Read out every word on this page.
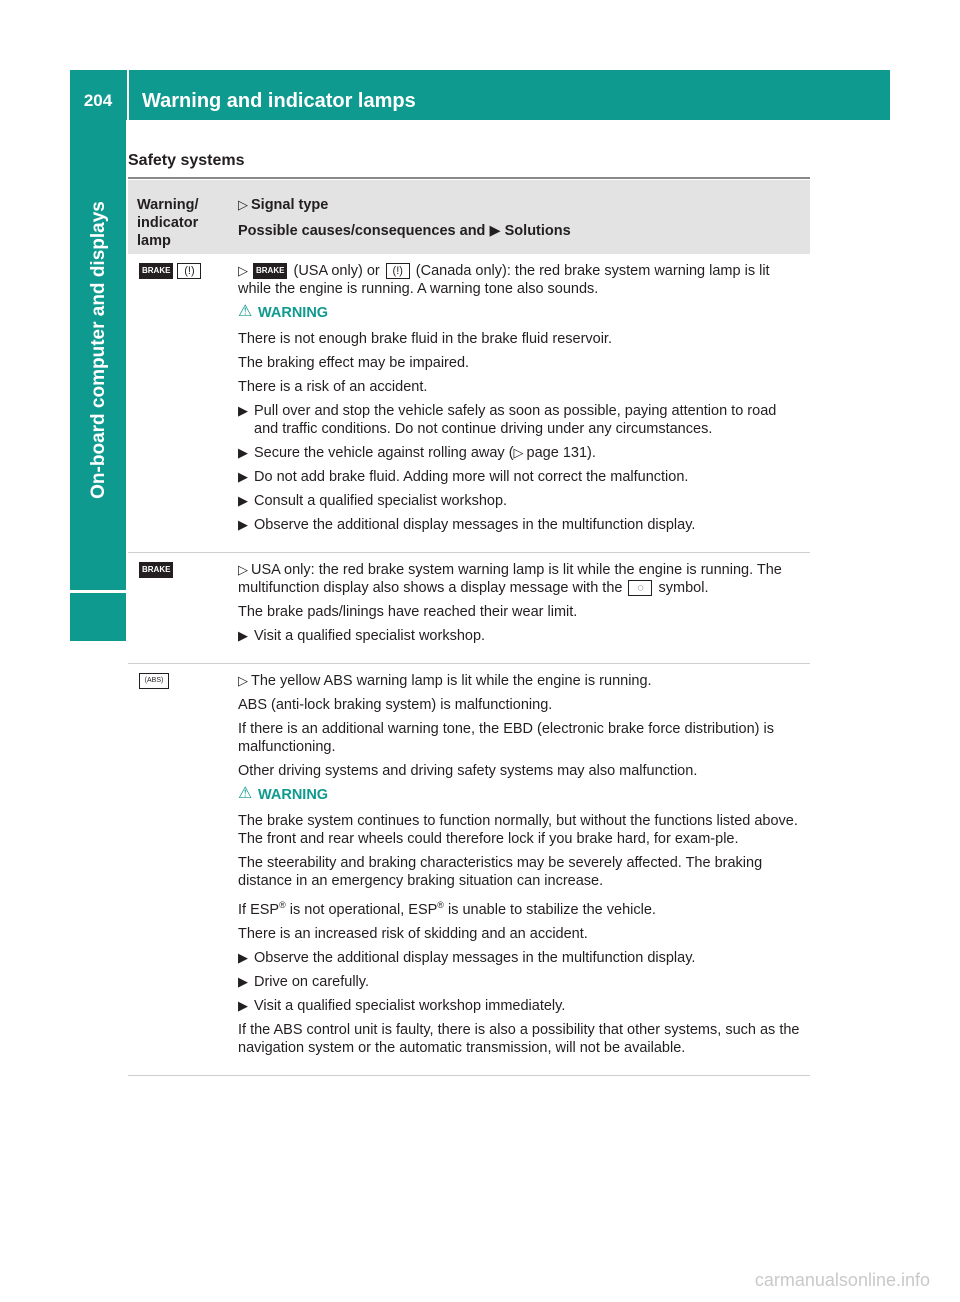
204	Warning and indicator lamps
On-board computer and displays
Safety systems
Warning/ indicator lamp
▷ Signal type
Possible causes/consequences and ▶ Solutions
BRAKE (!)	▷ BRAKE (USA only) or (!) (Canada only): the red brake system warning lamp is lit while the engine is running. A warning tone also sounds.

⚠ WARNING

There is not enough brake fluid in the brake fluid reservoir.

The braking effect may be impaired.

There is a risk of an accident.

▶ Pull over and stop the vehicle safely as soon as possible, paying attention to road and traffic conditions. Do not continue driving under any circumstances.
▶ Secure the vehicle against rolling away (▷ page 131).
▶ Do not add brake fluid. Adding more will not correct the malfunction.
▶ Consult a qualified specialist workshop.
▶ Observe the additional display messages in the multifunction display.
BRAKE	▷ USA only: the red brake system warning lamp is lit while the engine is running. The multifunction display also shows a display message with the ◌ symbol.

The brake pads/linings have reached their wear limit.

▶ Visit a qualified specialist workshop.
(ABS)	▷ The yellow ABS warning lamp is lit while the engine is running.

ABS (anti-lock braking system) is malfunctioning.

If there is an additional warning tone, the EBD (electronic brake force distribution) is malfunctioning.

Other driving systems and driving safety systems may also malfunction.

⚠ WARNING

The brake system continues to function normally, but without the functions listed above. The front and rear wheels could therefore lock if you brake hard, for exam-ple.

The steerability and braking characteristics may be severely affected. The braking distance in an emergency braking situation can increase.

If ESP® is not operational, ESP® is unable to stabilize the vehicle.

There is an increased risk of skidding and an accident.

▶ Observe the additional display messages in the multifunction display.
▶ Drive on carefully.
▶ Visit a qualified specialist workshop immediately.

If the ABS control unit is faulty, there is also a possibility that other systems, such as the navigation system or the automatic transmission, will not be available.

carmanualsonline.info
